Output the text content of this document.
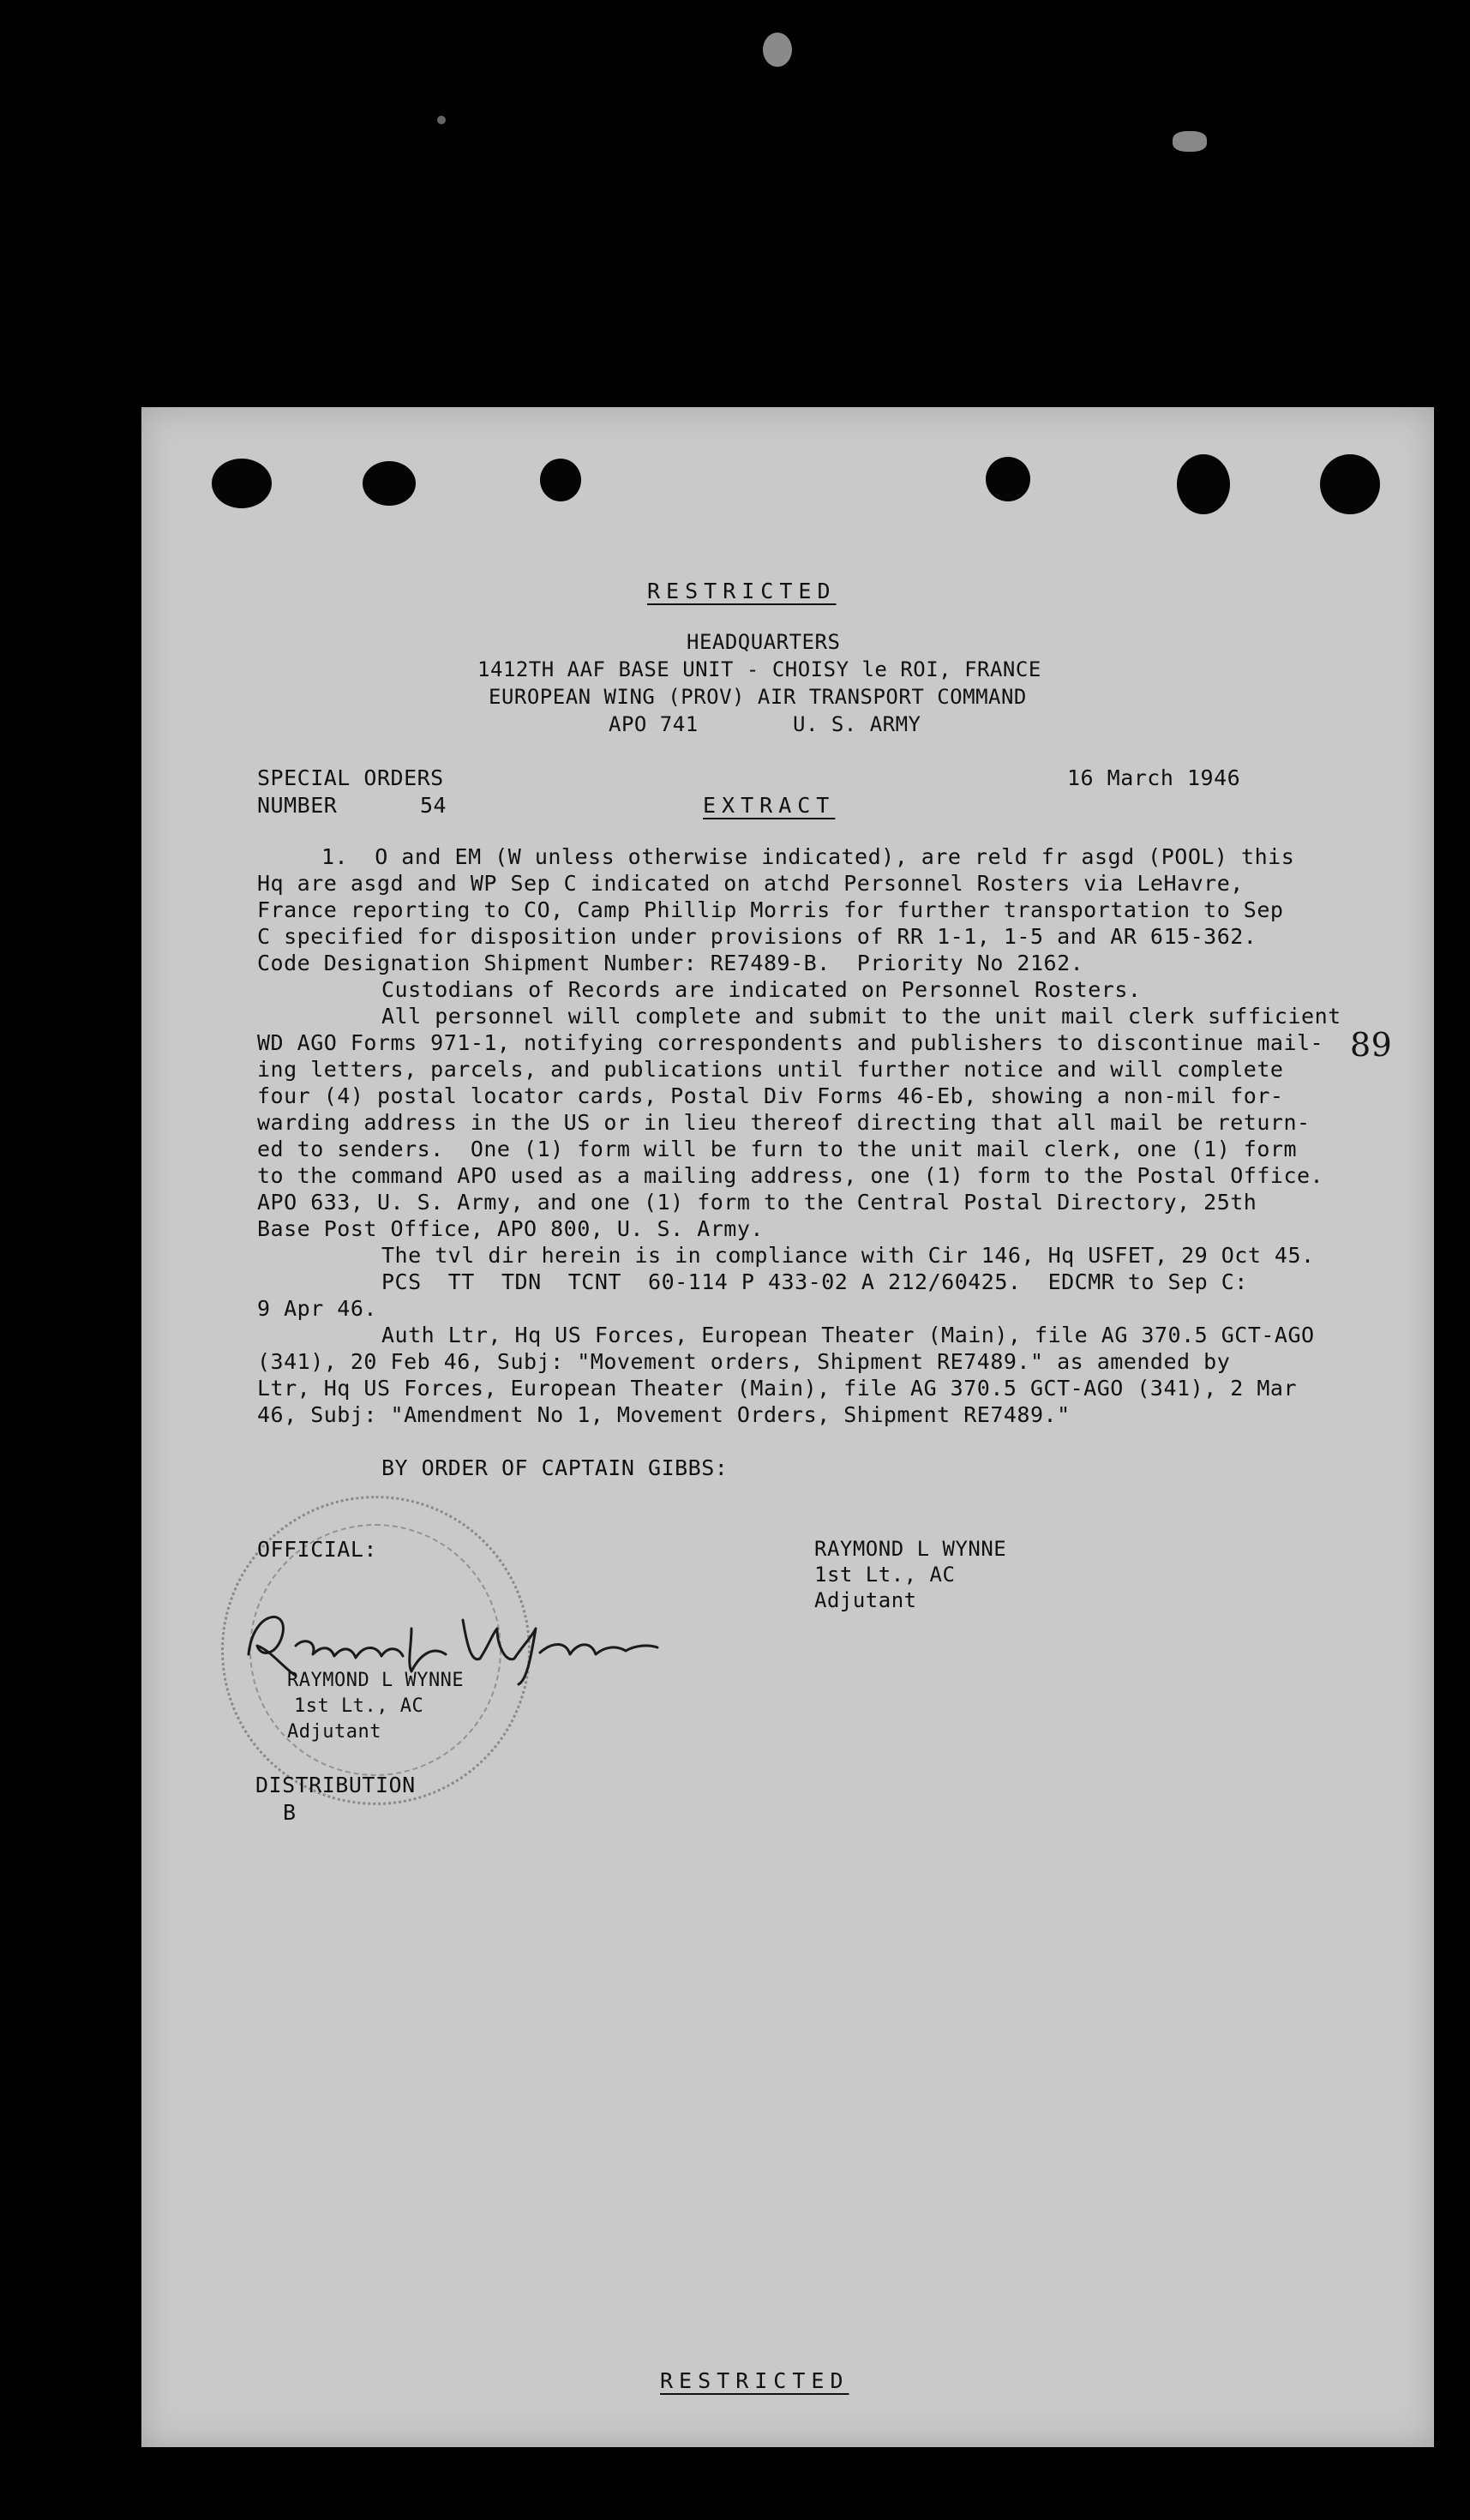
RESTRICTED
HEADQUARTERS
1412TH AAF BASE UNIT - CHOISY le ROI, FRANCE
EUROPEAN WING (PROV) AIR TRANSPORT COMMAND
APO 741	U. S. ARMY
SPECIAL ORDERS
NUMBER	54
16 March 1946
EXTRACT
1.  O and EM (W unless otherwise indicated), are reld fr asgd (POOL) this
Hq are asgd and WP Sep C indicated on atchd Personnel Rosters via LeHavre,
France reporting to CO, Camp Phillip Morris for further transportation to Sep
C specified for disposition under provisions of RR 1-1, 1-5 and AR 615-362.
Code Designation Shipment Number: RE7489-B.  Priority No 2162.
Custodians of Records are indicated on Personnel Rosters.
All personnel will complete and submit to the unit mail clerk sufficient
WD AGO Forms 971-1, notifying correspondents and publishers to discontinue mail-
ing letters, parcels, and publications until further notice and will complete
four (4) postal locator cards, Postal Div Forms 46-Eb, showing a non-mil for-
warding address in the US or in lieu thereof directing that all mail be return-
ed to senders.  One (1) form will be furn to the unit mail clerk, one (1) form
to the command APO used as a mailing address, one (1) form to the Postal Office.
APO 633, U. S. Army, and one (1) form to the Central Postal Directory, 25th
Base Post Office, APO 800, U. S. Army.
The tvl dir herein is in compliance with Cir 146, Hq USFET, 29 Oct 45.
PCS  TT  TDN  TCNT  60-114 P 433-02 A 212/60425.  EDCMR to Sep C:
9 Apr 46.
Auth Ltr, Hq US Forces, European Theater (Main), file AG 370.5 GCT-AGO
(341), 20 Feb 46, Subj: "Movement orders, Shipment RE7489." as amended by
Ltr, Hq US Forces, European Theater (Main), file AG 370.5 GCT-AGO (341), 2 Mar
46, Subj: "Amendment No 1, Movement Orders, Shipment RE7489."
89
BY ORDER OF CAPTAIN GIBBS:
OFFICIAL:
RAYMOND L WYNNE
1st Lt., AC
Adjutant
RAYMOND L WYNNE
1st Lt., AC
Adjutant
DISTRIBUTION
B
RESTRICTED
